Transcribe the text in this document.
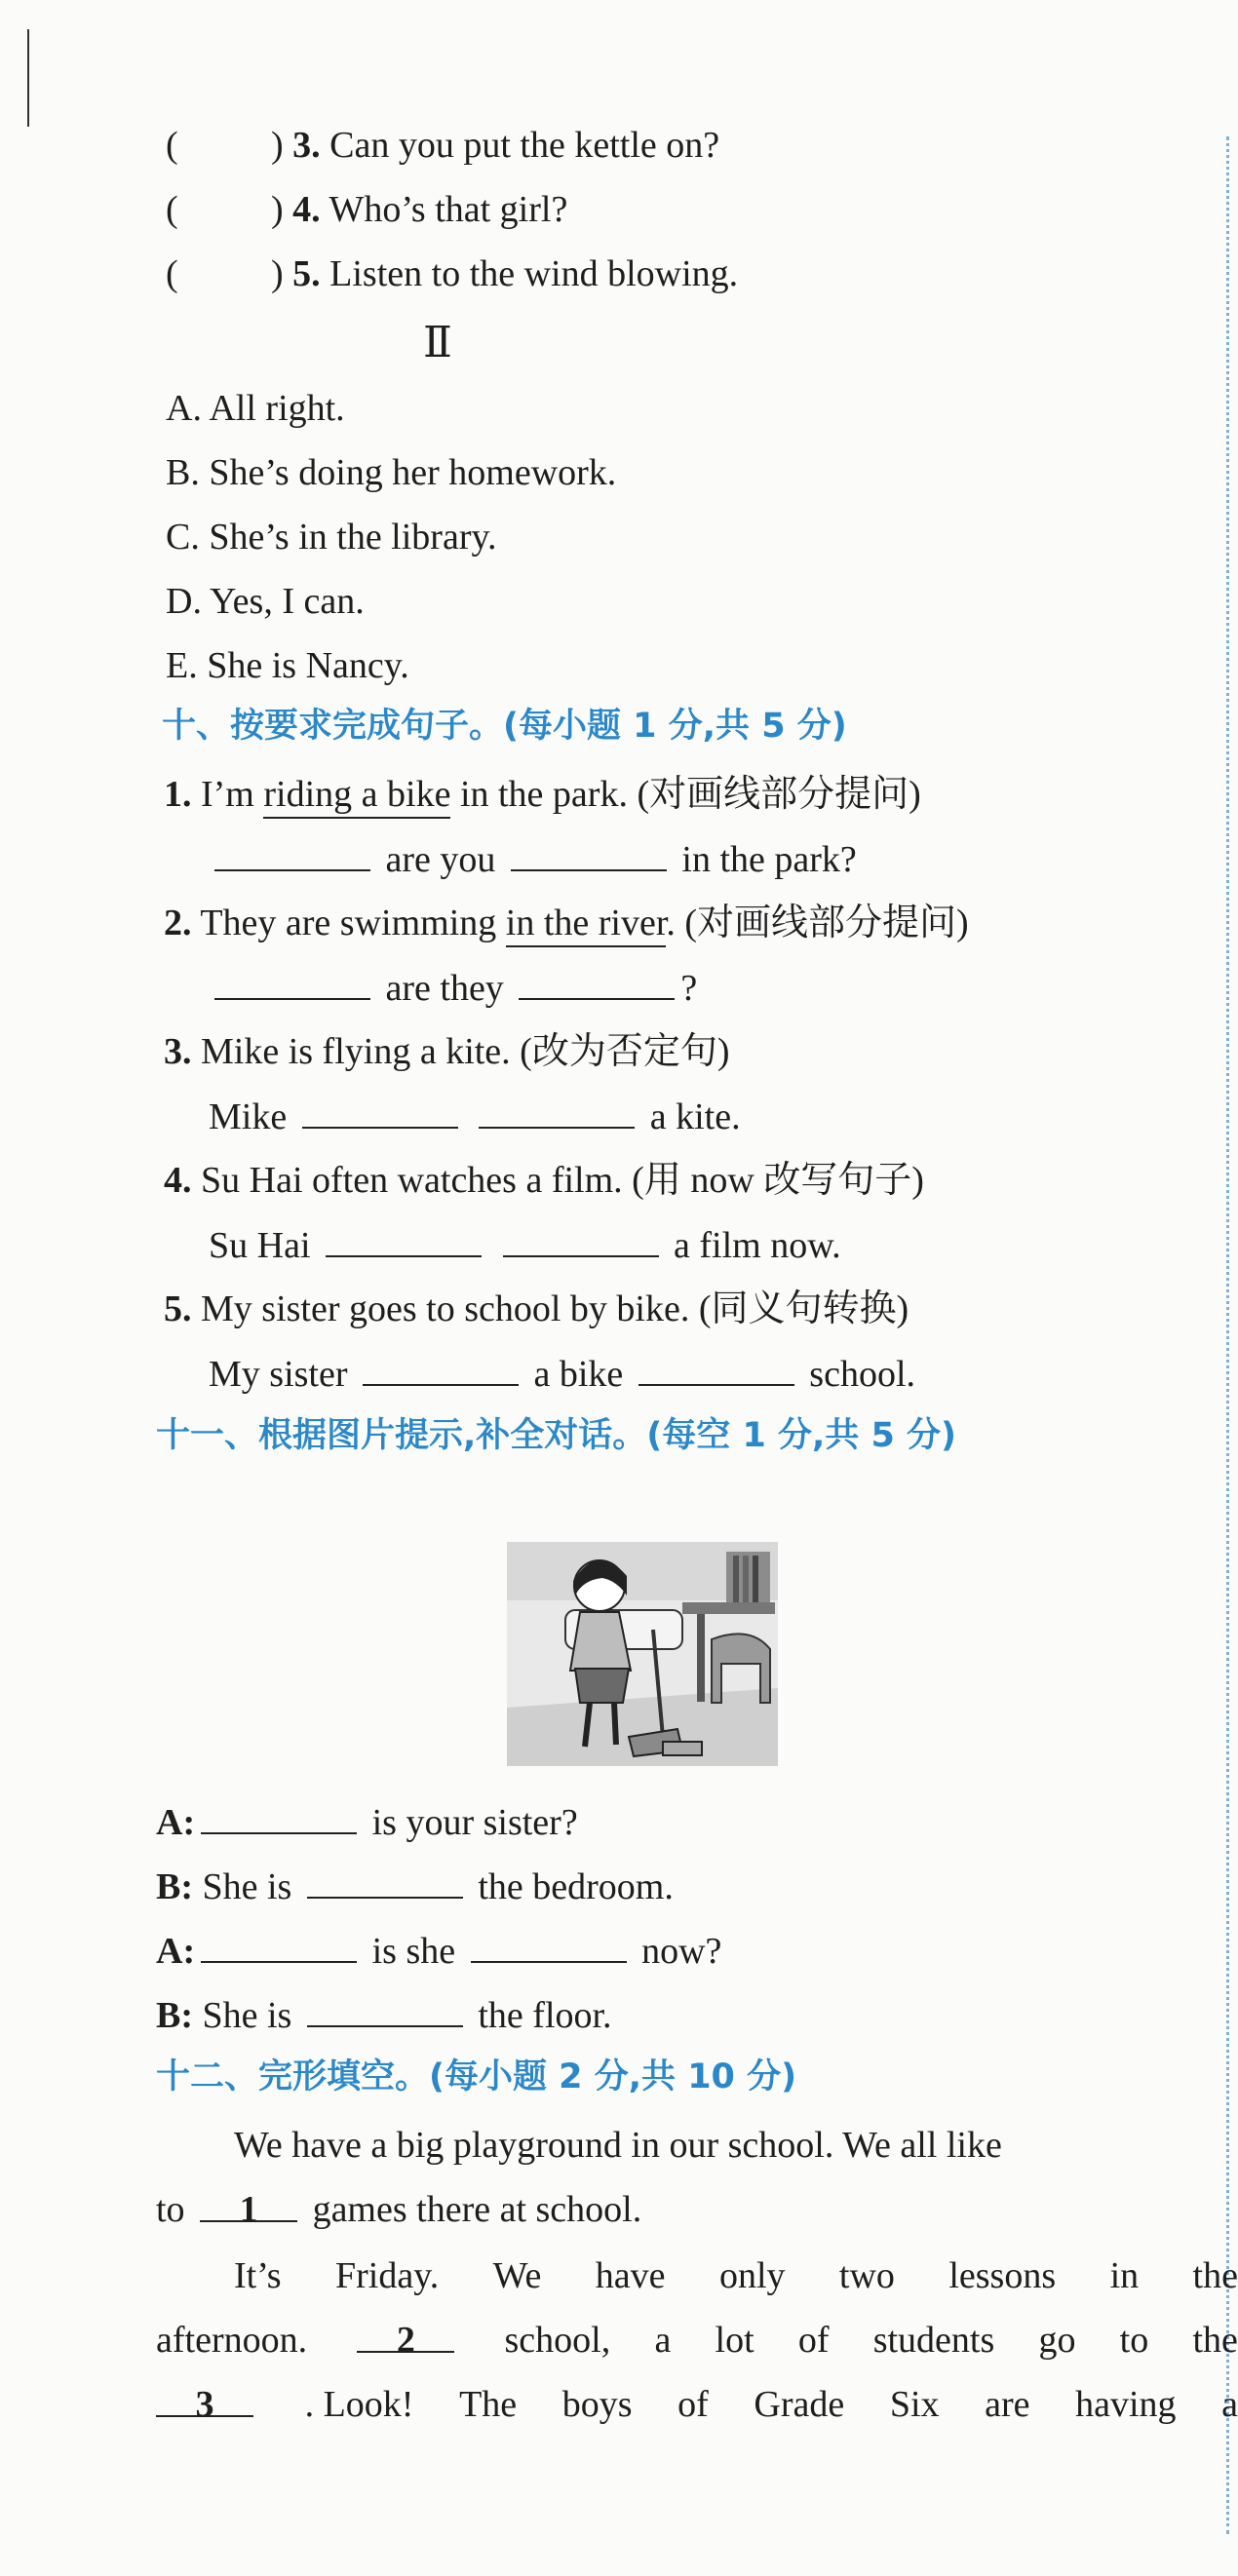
(	) 3. Can you put the kettle on?
(	) 4. Who’s that girl?
(	) 5. Listen to the wind blowing.
Ⅱ
A. All right.
B. She’s doing her homework.
C. She’s in the library.
D. Yes, I can.
E. She is Nancy.
十、按要求完成句子。(每小题 1 分,共 5 分)
1. I’m riding a bike in the park. (对画线部分提问)
are you	in the park?
2. They are swimming in the river. (对画线部分提问)
are they	?
3. Mike is flying a kite. (改为否定句)
Mike	a kite.
4. Su Hai often watches a film. (用 now 改写句子)
Su Hai	a film now.
5. My sister goes to school by bike. (同义句转换)
My sister	a bike	school.
十一、根据图片提示,补全对话。(每空 1 分,共 5 分)
A:	is your sister?
B: She is	the bedroom.
A:	is she	now?
B: She is	the floor.
十二、完形填空。(每小题 2 分,共 10 分)
We have a big playground in our school. We all like
to 1 games there at school.
It’s Friday. We have only two lessons in the
afternoon.	2	school, a lot of students go to the
3	. Look! The boys of Grade Six are having a
